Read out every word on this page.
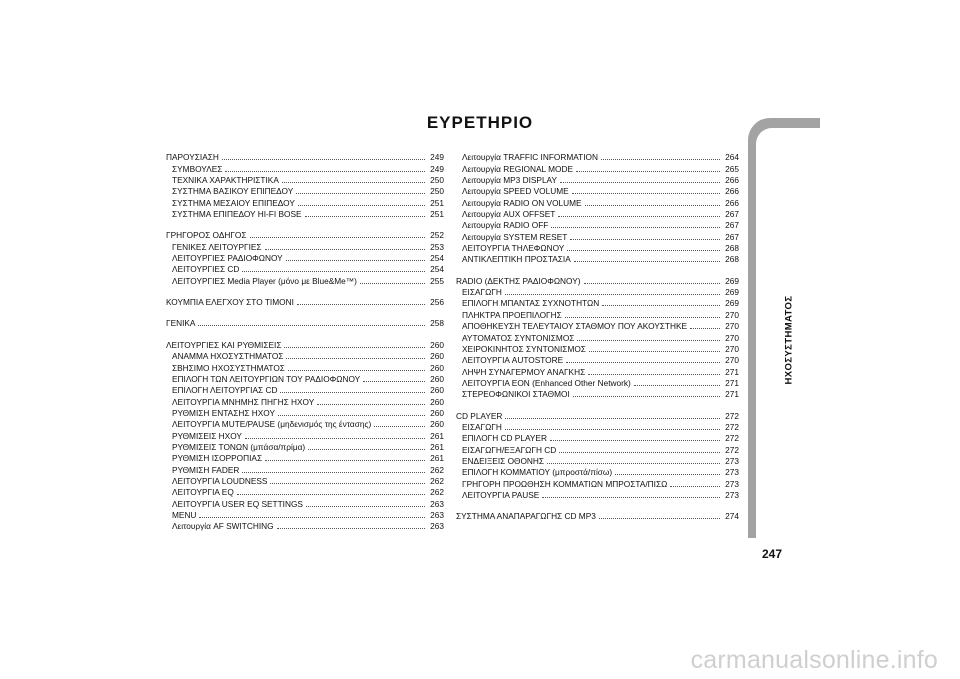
ΕΥΡΕΤΗΡΙΟ
ΠΑΡΟΥΣΙΑΣΗ	249
ΣΥΜΒΟΥΛΕΣ	249
ΤΕΧΝΙΚΑ ΧΑΡΑΚΤΗΡΙΣΤΙΚΑ	250
ΣΥΣΤΗΜΑ ΒΑΣΙΚΟΥ ΕΠΙΠΕΔΟΥ	250
ΣΥΣΤΗΜΑ ΜΕΣΑΙΟΥ ΕΠΙΠΕΔΟΥ	251
ΣΥΣΤΗΜΑ ΕΠΙΠΕΔΟΥ HI-FI BOSE	251
ΓΡΗΓΟΡΟΣ ΟΔΗΓΟΣ	252
ΓΕΝΙΚΕΣ ΛΕΙΤΟΥΡΓΙΕΣ	253
ΛΕΙΤΟΥΡΓΙΕΣ ΡΑΔΙΟΦΩΝΟΥ	254
ΛΕΙΤΟΥΡΓΙΕΣ CD	254
ΛΕΙΤΟΥΡΓΙΕΣ Media Player (μόνο με Blue&Me™)	255
ΚΟΥΜΠΙΑ ΕΛΕΓΧΟΥ ΣΤΟ ΤΙΜΟΝΙ	256
ΓΕΝΙΚΑ	258
ΛΕΙΤΟΥΡΓΙΕΣ ΚΑΙ ΡΥΘΜΙΣΕΙΣ	260
ΑΝΑΜΜΑ ΗΧΟΣΥΣΤΗΜΑΤΟΣ	260
ΣΒΗΣΙΜΟ ΗΧΟΣΥΣΤΗΜΑΤΟΣ	260
ΕΠΙΛΟΓΗ ΤΩΝ ΛΕΙΤΟΥΡΓΙΩΝ ΤΟΥ ΡΑΔΙΟΦΩΝΟΥ	260
ΕΠΙΛΟΓΗ ΛΕΙΤΟΥΡΓΙΑΣ CD	260
ΛΕΙΤΟΥΡΓΙΑ ΜΝΗΜΗΣ ΠΗΓΗΣ ΗΧΟΥ	260
ΡΥΘΜΙΣΗ ΕΝΤΑΣΗΣ ΗΧΟΥ	260
ΛΕΙΤΟΥΡΓΙΑ MUTE/PAUSE (μηδενισμός της έντασης)	260
ΡΥΘΜΙΣΕΙΣ ΗΧΟΥ	261
ΡΥΘΜΙΣΕΙΣ ΤΟΝΩΝ (μπάσα/πρίμα)	261
ΡΥΘΜΙΣΗ ΙΣΟΡΡΟΠΙΑΣ	261
ΡΥΘΜΙΣΗ FADER	262
ΛΕΙΤΟΥΡΓΙΑ LOUDNESS	262
ΛΕΙΤΟΥΡΓΙΑ EQ	262
ΛΕΙΤΟΥΡΓΙΑ USER EQ SETTINGS	263
MENU	263
Λειτουργία AF SWITCHING	263
Λειτουργία TRAFFIC INFORMATION	264
Λειτουργία REGIONAL MODE	265
Λειτουργία MP3 DISPLAY	266
Λειτουργία SPEED VOLUME	266
Λειτουργία RADIO ON VOLUME	266
Λειτουργία AUX OFFSET	267
Λειτουργία RADIO OFF	267
Λειτουργία SYSTEM RESET	267
ΛΕΙΤΟΥΡΓΙΑ ΤΗΛΕΦΩΝΟΥ	268
ΑΝΤΙΚΛΕΠΤΙΚΗ ΠΡΟΣΤΑΣΙΑ	268
RADIO (ΔΕΚΤΗΣ ΡΑΔΙΟΦΩΝΟΥ)	269
ΕΙΣΑΓΩΓΗ	269
ΕΠΙΛΟΓΗ ΜΠΑΝΤΑΣ ΣΥΧΝΟΤΗΤΩΝ	269
ΠΛΗΚΤΡΑ ΠΡΟΕΠΙΛΟΓΗΣ	270
ΑΠΟΘΗΚΕΥΣΗ ΤΕΛΕΥΤΑΙΟΥ ΣΤΑΘΜΟΥ ΠΟΥ ΑΚΟΥΣΤΗΚΕ	270
ΑΥΤΟΜΑΤΟΣ ΣΥΝΤΟΝΙΣΜΟΣ	270
ΧΕΙΡΟΚΙΝΗΤΟΣ ΣΥΝΤΟΝΙΣΜΟΣ	270
ΛΕΙΤΟΥΡΓΙΑ AUTOSTORE	270
ΛΗΨΗ ΣΥΝΑΓΕΡΜΟΥ ΑΝΑΓΚΗΣ	271
ΛΕΙΤΟΥΡΓΙΑ EON (Enhanced Other Network)	271
ΣΤΕΡΕΟΦΩΝΙΚΟΙ ΣΤΑΘΜΟΙ	271
CD PLAYER	272
ΕΙΣΑΓΩΓΗ	272
ΕΠΙΛΟΓΗ CD PLAYER	272
ΕΙΣΑΓΩΓΗ/ΕΞΑΓΩΓΗ CD	272
ΕΝΔΕΙΞΕΙΣ ΟΘΟΝΗΣ	273
ΕΠΙΛΟΓΗ ΚΟΜΜΑΤΙΟΥ (μπροστά/πίσω)	273
ΓΡΗΓΟΡΗ ΠΡΟΩΘΗΣΗ ΚΟΜΜΑΤΙΩΝ ΜΠΡΟΣΤΑ/ΠΙΣΩ	273
ΛΕΙΤΟΥΡΓΙΑ PAUSE	273
ΣΥΣΤΗΜΑ ΑΝΑΠΑΡΑΓΩΓΗΣ CD MP3	274
ΗΧΟΣΥΣΤΗΜΑΤΟΣ
247
carmanualsonline.info
